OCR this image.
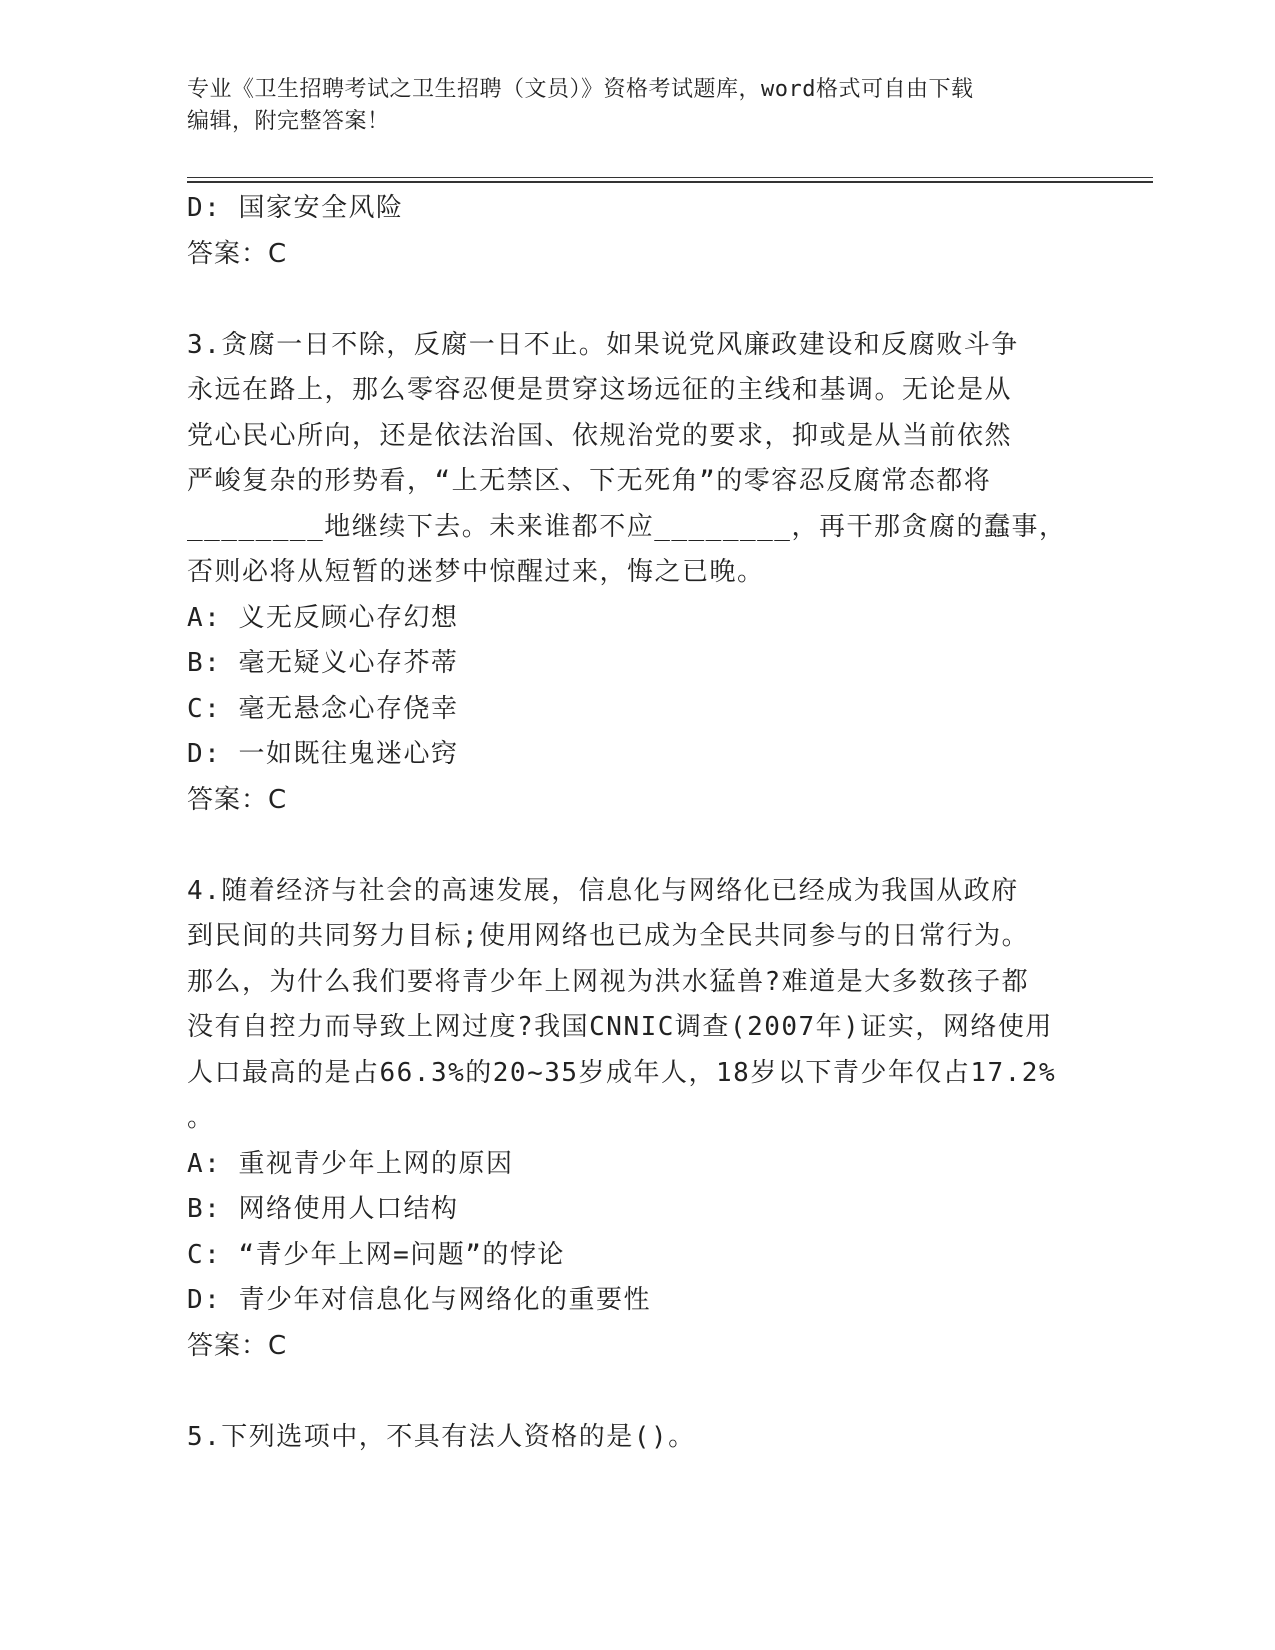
专业《卫生招聘考试之卫生招聘（文员）》资格考试题库，word格式可自由下载
编辑，附完整答案！
D: 国家安全风险
答案：C
3.贪腐一日不除，反腐一日不止。如果说党风廉政建设和反腐败斗争
永远在路上，那么零容忍便是贯穿这场远征的主线和基调。无论是从
党心民心所向，还是依法治国、依规治党的要求，抑或是从当前依然
严峻复杂的形势看，“上无禁区、下无死角”的零容忍反腐常态都将
________地继续下去。未来谁都不应________，再干那贪腐的蠢事，
否则必将从短暂的迷梦中惊醒过来，悔之已晚。
A: 义无反顾心存幻想
B: 毫无疑义心存芥蒂
C: 毫无悬念心存侥幸
D: 一如既往鬼迷心窍
答案：C
4.随着经济与社会的高速发展，信息化与网络化已经成为我国从政府
到民间的共同努力目标;使用网络也已成为全民共同参与的日常行为。
那么，为什么我们要将青少年上网视为洪水猛兽?难道是大多数孩子都
没有自控力而导致上网过度?我国CNNIC调查(2007年)证实，网络使用
人口最高的是占66.3%的20~35岁成年人，18岁以下青少年仅占17.2%
。
A: 重视青少年上网的原因
B: 网络使用人口结构
C: “青少年上网=问题”的悖论
D: 青少年对信息化与网络化的重要性
答案：C
5.下列选项中，不具有法人资格的是()。
